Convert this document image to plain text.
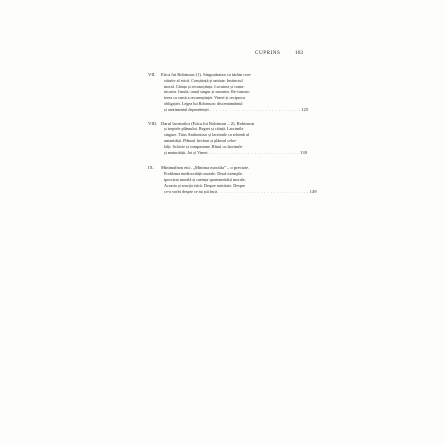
CUPRINS	163
VII. Etica lui Robinson (1). Singurătatea ca tărâm con-
stitutiv al eticii. Conștiință și unitate. Instinctul
moral. Căința și recunoștința. Locuirea și comu-
nicarea. Insula, omul singur și moartea. Re-cunoaș-
terea ca sursă a recunoștinței. Vineri și reciproca
obligației. Legea lui Robinson: discernământul
și sentimentul dependenței . . . . . . . . . . . . . . . . . . . . . . . . . . . . 125
VIII. Darul lacrimilor (Etica lui Robinson – 2). Robinson
și treptele plânsului. Regret și căință. Lacrimile
singure. Titus Andronicus și lacrimile ca schimb al
umanității. Plânsul fiecărui și plânsul celor-
lalți. Sclavie și compasiune. Râsul cu lacrimile
și maturității. Joi și Vineri . . . . . . . . . . . . . . . . . . . . . . . . . . . . 139
IX. Minimalism etic. „Minima moralia” – o precizie.
Problema mediocrității morale. Două exemple:
ipocrizia morală și carența spontaneității morale.
Acrasia și reacția etică. Despre naivitate. Despre
ce-a vorbi despre ce nu știi încă . . . . . . . . . . . . . . . . . . . . . . . . . . . . 149
